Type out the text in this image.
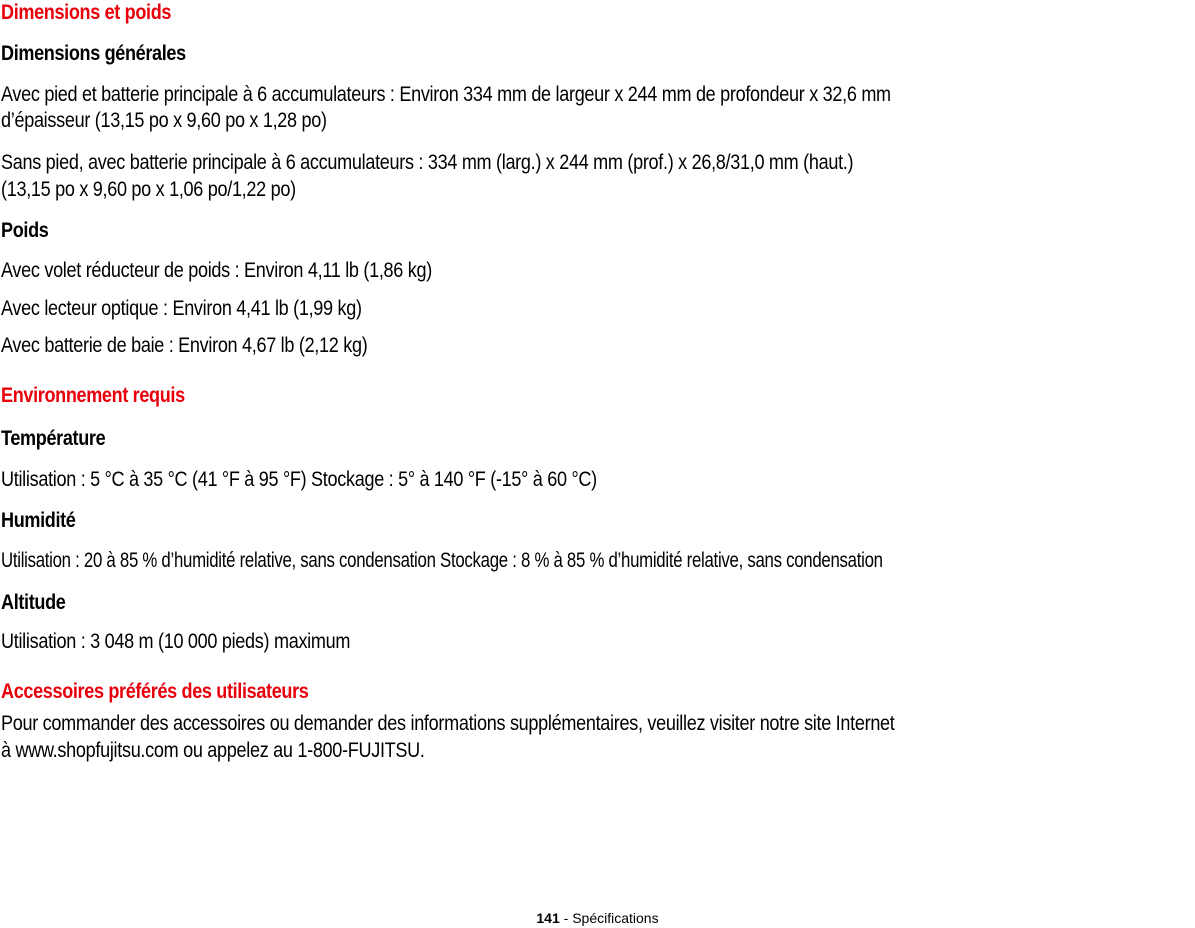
Dimensions et poids
Dimensions générales
Avec pied et batterie principale à 6 accumulateurs : Environ 334 mm de largeur x 244 mm de profondeur x 32,6 mm
d’épaisseur (13,15 po x 9,60 po x 1,28 po)
Sans pied, avec batterie principale à 6 accumulateurs : 334 mm (larg.) x 244 mm (prof.) x 26,8/31,0 mm (haut.)
(13,15 po x 9,60 po x 1,06 po/1,22 po)
Poids
Avec volet réducteur de poids : Environ 4,11 lb (1,86 kg)
Avec lecteur optique : Environ 4,41 lb (1,99 kg)
Avec batterie de baie : Environ 4,67 lb (2,12 kg)
Environnement requis
Température
Utilisation : 5 °C à 35 °C (41 °F à 95 °F) Stockage : 5° à 140 °F (-15° à 60 °C)
Humidité
Utilisation : 20 à 85 % d’humidité relative, sans condensation Stockage : 8 % à 85 % d’humidité relative, sans condensation
Altitude
Utilisation : 3 048 m (10 000 pieds) maximum
Accessoires préférés des utilisateurs
Pour commander des accessoires ou demander des informations supplémentaires, veuillez visiter notre site Internet
à www.shopfujitsu.com ou appelez au 1-800-FUJITSU.
141 - Spécifications
